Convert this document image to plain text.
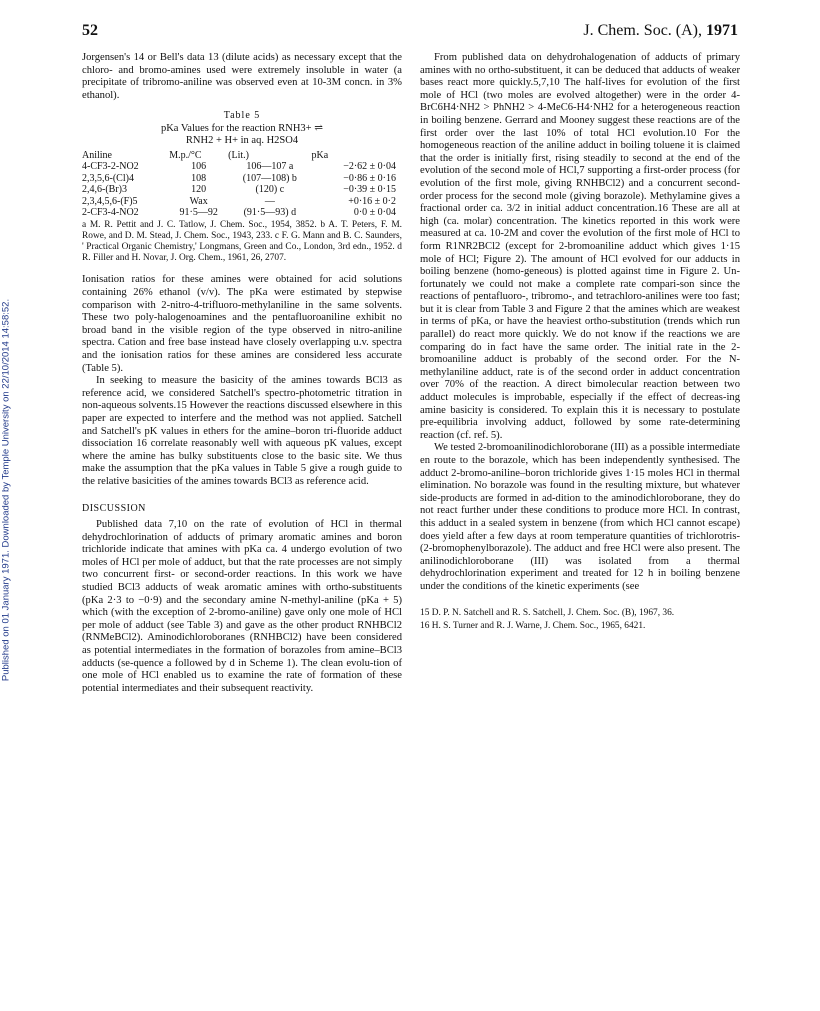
52	J. Chem. Soc. (A), 1971
Published on 01 January 1971. Downloaded by Temple University on 22/10/2014 14:58:52.

Jorgensen's 14 or Bell's data 13 (dilute acids) as necessary except that the chloro- and bromo-amines used were extremely insoluble in water (a precipitate of tribromo-aniline was observed even at 10-3M concn. in 3% ethanol).

Table 5
pKa Values for the reaction RNH3+ ⇌
RNH2 + H+ in aq. H2SO4
Aniline	M.p./°C	(Lit.)	pKa
4-CF3-2-NO2	106	106—107 a	−2·62 ± 0·04
2,3,5,6-(Cl)4	108	(107—108) b	−0·86 ± 0·16
2,4,6-(Br)3	120	(120) c	−0·39 ± 0·15
2,3,4,5,6-(F)5	Wax	—	+0·16 ± 0·2
2-CF3-4-NO2	91·5—92	(91·5—93) d	0·0 ± 0·04

a M. R. Pettit and J. C. Tatlow, J. Chem. Soc., 1954, 3852. b A. T. Peters, F. M. Rowe, and D. M. Stead, J. Chem. Soc., 1943, 233. c F. G. Mann and B. C. Saunders, ' Practical Organic Chemistry,' Longmans, Green and Co., London, 3rd edn., 1952. d R. Filler and H. Novar, J. Org. Chem., 1961, 26, 2707.

Ionisation ratios for these amines were obtained for acid solutions containing 26% ethanol (v/v). The pKa were estimated by stepwise comparison with 2-nitro-4-trifluoro-methylaniline in the same solvents. These two poly-halogenoamines and the pentafluoroaniline exhibit no broad band in the visible region of the type observed in nitro-aniline spectra. Cation and free base instead have closely overlapping u.v. spectra and the ionisation ratios for these amines are considered less accurate (Table 5).

In seeking to measure the basicity of the amines towards BCl3 as reference acid, we considered Satchell's spectro-photometric titration in non-aqueous solvents.15 However the reactions discussed elsewhere in this paper are expected to interfere and the method was not applied. Satchell and Satchell's pK values in ethers for the amine–boron tri-fluoride adduct dissociation 16 correlate reasonably well with aqueous pK values, except where the amine has bulky substituents close to the basic site. We thus make the assumption that the pKa values in Table 5 give a rough guide to the relative basicities of the amines towards BCl3 as reference acid.

DISCUSSION

Published data 7,10 on the rate of evolution of HCl in thermal dehydrochlorination of adducts of primary aromatic amines and boron trichloride indicate that amines with pKa ca. 4 undergo evolution of two moles of HCl per mole of adduct, but that the rate processes are not simply two concurrent first- or second-order reactions. In this work we have studied BCl3 adducts of weak aromatic amines with ortho-substituents (pKa 2·3 to −0·9) and the secondary amine N-methyl-aniline (pKa + 5) which (with the exception of 2-bromo-aniline) gave only one mole of HCl per mole of adduct (see Table 3) and gave as the other product RNHBCl2 (RNMeBCl2). Aminodichloroboranes (RNHBCl2) have been considered as potential intermediates in the formation of borazoles from amine–BCl3 adducts (se-quence a followed by d in Scheme 1). The clean evolu-tion of one mole of HCl enabled us to examine the rate of formation of these potential intermediates and their subsequent reactivity.

From published data on dehydrohalogenation of adducts of primary amines with no ortho-substituent, it can be deduced that adducts of weaker bases react more quickly.5,7,10 The half-lives for evolution of the first mole of HCl (two moles are evolved altogether) were in the order 4-BrC6H4·NH2 > PhNH2 > 4-MeC6-H4·NH2 for a heterogeneous reaction in boiling benzene. Gerrard and Mooney suggest these reactions are of the first order over the last 10% of total HCl evolution.10 For the homogeneous reaction of the aniline adduct in boiling toluene it is claimed that the order is initially first, rising steadily to second at the end of the evolution of the second mole of HCl,7 supporting a first-order process (for evolution of the first mole, giving RNHBCl2) and a concurrent second-order process for the second mole (giving borazole). Methylamine gives a fractional order ca. 3/2 in initial adduct concentration.16 These are all at high (ca. molar) concentration. The kinetics reported in this work were measured at ca. 10-2M and cover the evolution of the first mole of HCl to form R1NR2BCl2 (except for 2-bromoaniline adduct which gives 1·15 mole of HCl; Figure 2). The amount of HCl evolved for our adducts in boiling benzene (homo-geneous) is plotted against time in Figure 2. Un-fortunately we could not make a complete rate compari-son since the reactions of pentafluoro-, tribromo-, and tetrachloro-anilines were too fast; but it is clear from Table 3 and Figure 2 that the amines which are weakest in terms of pKa, or have the heaviest ortho-substitution (trends which run parallel) do react more quickly. We do not know if the reactions we are comparing do in fact have the same order. The initial rate in the 2-bromoaniline adduct is probably of the second order. For the N-methylaniline adduct, rate is of the second order in adduct concentration over 70% of the reaction. A direct bimolecular reaction between two adduct molecules is improbable, especially if the effect of decreas-ing amine basicity is considered. To explain this it is necessary to postulate pre-equilibria involving adduct, followed by some rate-determining reaction (cf. ref. 5).

We tested 2-bromoanilinodichloroborane (III) as a possible intermediate en route to the borazole, which has been independently synthesised. The adduct 2-bromo-aniline–boron trichloride gives 1·15 moles HCl in thermal elimination. No borazole was found in the resulting mixture, but whatever side-products are formed in ad-dition to the aminodichloroborane, they do not react further under these conditions to produce more HCl. In contrast, this adduct in a sealed system in benzene (from which HCl cannot escape) does yield after a few days at room temperature quantities of trichlorotris-(2-bromophenylborazole). The adduct and free HCl were also present. The anilinodichloroborane (III) was isolated from a thermal dehydrochlorination experiment and treated for 12 h in boiling benzene under the conditions of the kinetic experiments (see

15 D. P. N. Satchell and R. S. Satchell, J. Chem. Soc. (B), 1967, 36.

16 H. S. Turner and R. J. Warne, J. Chem. Soc., 1965, 6421.
